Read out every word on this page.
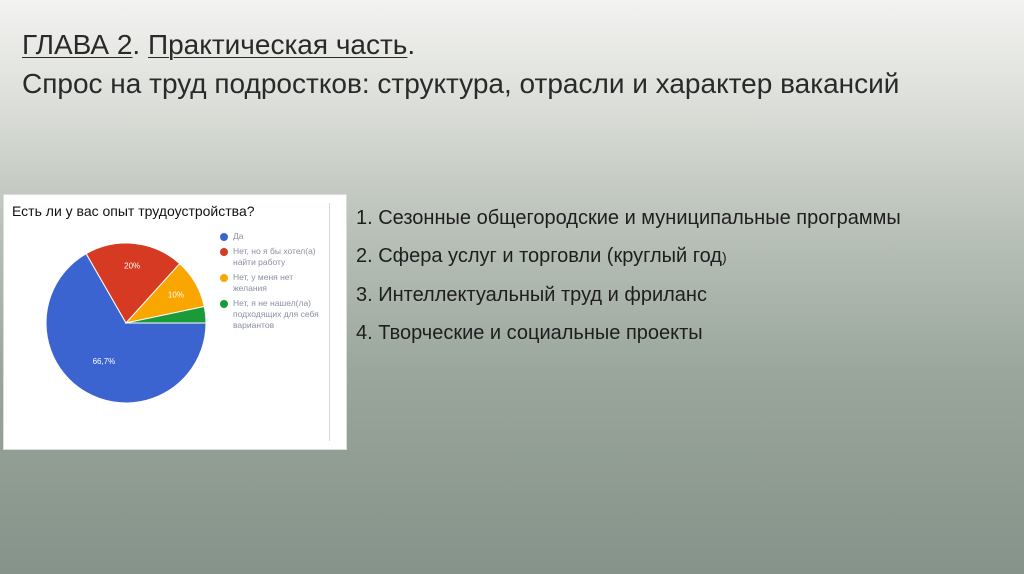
ГЛАВА 2. Практическая часть.
Спрос на труд подростков: структура, отрасли и характер вакансий
Есть ли у вас опыт трудоустройства?
66,7%
20%
10%
Да
Нет, но я бы хотел(а) найти работу
Нет, у меня нет желания
Нет, я не нашел(ла) подходящих для себя вариантов
1. Сезонные общегородские и муниципальные программы
2. Сфера услуг и торговли (круглый год)
3. Интеллектуальный труд и фриланс
4. Творческие и социальные проекты
